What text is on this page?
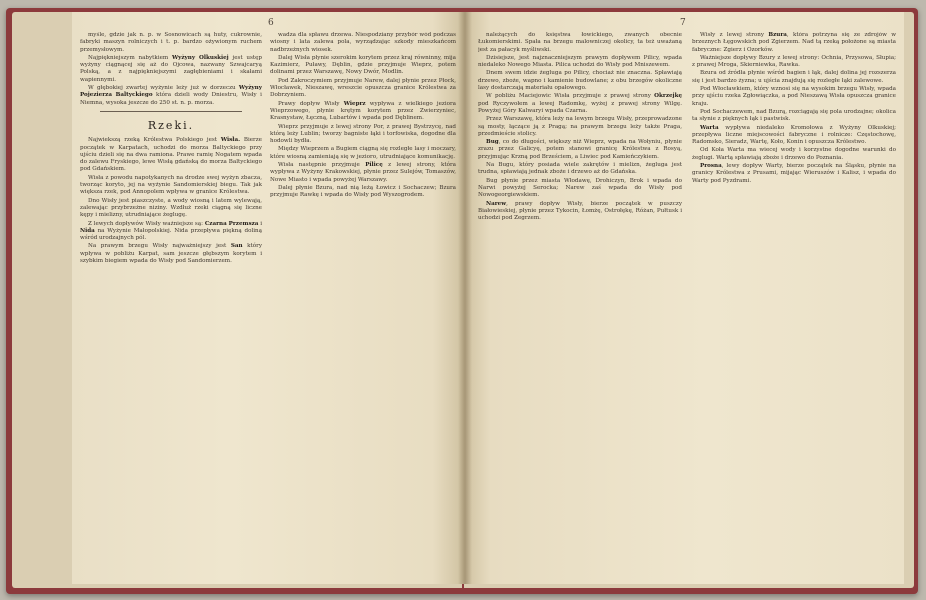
6

myśle, gdzie jak n. p. w Sosnowicach są huty, cukrownie, fabryki maszyn rolniczych i t. p. bardzo ożywionym ruchem przemysłowym.

Najpiękniejszym nabytkiem Wyżyny Olkuskiej jest ustęp wyżyny ciągnącej się aż do Ojcowa, nazwany Szwajcaryą Polską, a z najpiękniejszymi zagłębieniami i skałami wapiennymi.

W głębokiej zwartej wyżynie leży już w dorzeczu Wyżyny Pojezierza Baltyckiego która dzieli wody Dniestru, Wisły i Niemna, wysoka jeszcze do 250 st. n. p. morza.

Rzeki.

Najwiekszą rzeką Królestwa Polskiego jest Wisła. Bierze początek w Karpatach, uchodzi do morza Baltyckiego przy ujściu dzieli się na dwa ramiona. Prawe ramię Nogatem wpada do zalewu Fryskiego, lewe Wisłą gdańską do morza Baltyckiego pod Gdańskiem.

Wisła z powodu napotykanych na drodze swej wyżyn zbacza, tworząc koryto, jej na wyżynie Sandomierskiej biegu. Tak jak większa rzek, pod Annopolem wpływa w granice Królestwa.

Dno Wisły jest piaszczyste, a wody wiosną i latem wylewają, zalewając przybrzeżne niziny. Wzdłuż rzeki ciągną się liczne kępy i mielizny, utrudniające żeglugę.

Z lewych dopływów Wisły ważniejsze są: Czarna Przemsza i Nida na Wyżynie Małopolskiej. Nida przepływa piękną doliną wśród urodzajnych pól.

Na prawym brzegu Wisły najważniejszy jest San który wpływa w pobliżu Karpat, sam jeszcze głębszym korytem i szybkim biegiem wpada do Wisły pod Sandomierzem.

wadza dla spławu drzewa. Niespodziany przybór wód podczas wiosny i lata zalewa pola, wyrządzając szkody mieszkańcom nadbrzeżnych wiosek.

Dalej Wisła płynie szerokim korytem przez kraj równinny, mija Kazimierz, Puławy, Dęblin, gdzie przyjmuje Wieprz, potem dolinami przez Warszawę, Nowy Dwór, Modlin.

Pod Zakroczymiem przyjmuje Narew, dalej płynie przez Płock, Włocławek, Nieszawę, wreszcie opuszcza granice Królestwa za Dobrzyniem.

Prawy dopływ Wisły Wieprz wypływa z wielkiego jeziora Wieprzowego, płynie krętym korytem przez Zwierzyniec, Krasnystaw, Łęczną, Lubartów i wpada pod Dęblinem.

Wieprz przyjmuje z lewej strony Por, z prawej Bystrzycę, nad którą leży Lublin; tworzy bagniste łąki i torfowiska, dogodne dla hodowli bydła.

Między Wieprzem a Bugiem ciągną się rozległe lasy i moczary, które wiosną zamieniają się w jezioro, utrudniające komunikację.

Wisła następnie przyjmuje Pilicę z lewej strony, która wypływa z Wyżyny Krakowskiej, płynie przez Sulejów, Tomaszów, Nowe Miasto i wpada powyżej Warszawy.

Dalej płynie Bzura, nad nią leżą Łowicz i Sochaczew; Bzura przyjmuje Rawkę i wpada do Wisły pod Wyszogrodem.

7

należących do księstwa łowickiego, zwanych obecnie Łukomierskimi. Spała na brzegu malowniczej okolicy, ta też uważaną jest za pałacyk myśliwski.

Dzisiejsze, jest najznaczniejszym prawym dopływem Pilicy, wpada niedaleko Nowego Miasta. Pilica uchodzi do Wisły pod Mniszewem.

Dnem swem idzie żegluga po Pilicy, chociaż nie znaczna. Spławiają drzewo, zboże, wapno i kamienie budowlane; z obu brzegów okoliczne lasy dostarczają materiału opałowego.

W pobliżu Maciejowic Wisła przyjmuje z prawej strony Okrzejkę pod Ryczywołem a lewej Radomkę, wyżej z prawej strony Wilgę. Powyżej Góry Kalwaryi wpada Czarna.

Przez Warszawę, która leży na lewym brzegu Wisły, przeprowadzone są mosty, łączące ją z Pragą; na prawym brzegu leży także Praga, przedmieście stolicy.

Bug, co do długości, większy niż Wieprz, wpada na Wołyniu, płynie zrazu przez Galicyę, potem stanowi granicę Królestwa z Rosyą, przyjmując Krzną pod Brześciem, a Liwiec pod Kamieńczykiem.

Na Bugu, który posiada wiele zakrętów i mielizn, żegluga jest trudna, spławiają jednak zboże i drzewo aż do Gdańska.

Bug płynie przez miasta Włodawę, Drohiczyn, Brok i wpada do Narwi powyżej Serocka; Narew zaś wpada do Wisły pod Nowogeorgiewskiem.

Narew, prawy dopływ Wisły, bierze początek w puszczy Białowieskiej, płynie przez Tykocin, Łomżę, Ostrołękę, Różan, Pułtusk i uchodzi pod Zegrzem.

Wisły z lewej strony Bzura, która potrzyna się ze zdrojów w brzeznych Łęgowskich pod Zgierzem. Nad tą rzeką położone są miasta fabryczne: Zgierz i Ozorków.

Ważniejsze dopływy Bzury z lewej strony: Ochnia, Przysowa, Słupia; z prawej Mroga, Skierniewka, Rawka.

Bzura od źródła płynie wśród bagien i łąk, dalej dolina jej rozszerza się i jest bardzo żyzna; u ujścia znajdują się rozległe łąki zalewowe.

Pod Włocławkiem, który wznosi się na wysokim brzegu Wisły, wpada przy ujściu rzeka Zgłowiączka, a pod Nieszawą Wisła opuszcza granice kraju.

Pod Sochaczewem, nad Bzurą, rozciągają się pola urodzajne; okolica ta słynie z pięknych łąk i pastwisk.

Warta wypływa niedaleko Kromołowa z Wyżyny Olkuskiej; przepływa liczne miejscowości fabryczne i rolnicze: Częstochowę, Radomsko, Sieradz, Wartę, Koło, Konin i opuszcza Królestwo.

Od Koła Warta ma wiecej wody i korzystne dogodne warunki do żeglugi. Wartą spławiają zboże i drzewo do Poznania.

Prosna, lewy dopływ Warty, bierze początek na Śląsku, płynie na granicy Królestwa z Prusami, mijając Wieruszów i Kalisz, i wpada do Warty pod Pyzdrami.
